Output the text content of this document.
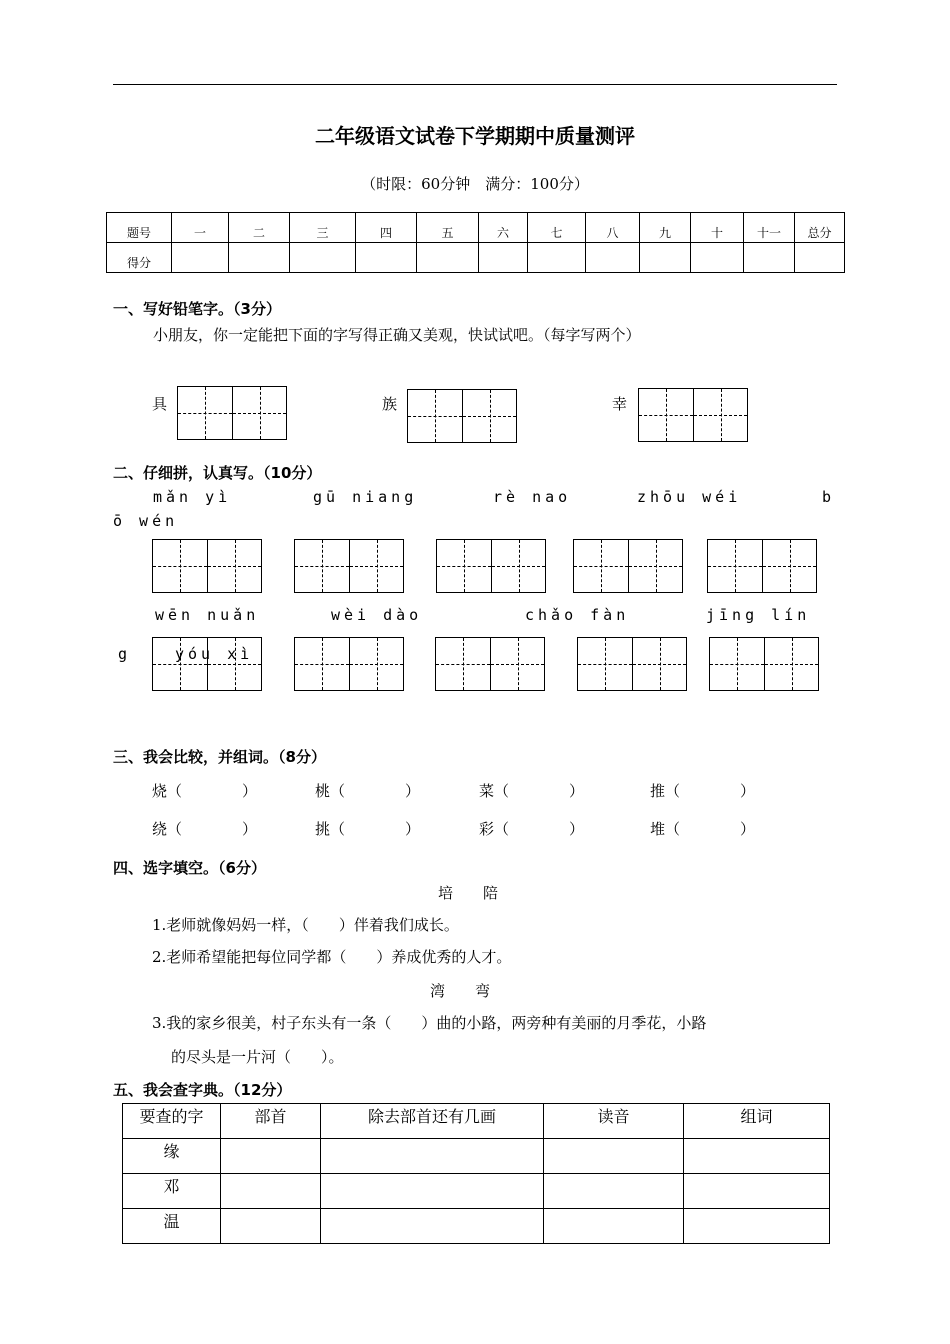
二年级语文试卷下学期期中质量测评
（时限：60分钟　满分：100分）
题号	一	二	三	四	五	六	七	八	九	十	十一	总分
得分												
一、写好铅笔字。（3分）
小朋友，你一定能把下面的字写得正确又美观，快试试吧。（每字写两个）
具	族	幸
二、仔细拼，认真写。（10分）
mǎn yì	gū niang	rè nao	zhōu wéi	b
ō wén
wēn nuǎn	wèi dào	chǎo fàn	jīng lín
g	yóu xì
三、我会比较，并组词。（8分）
烧（　　　　）	桃（　　　　）	菜（　　　　）	推（　　　　）
绕（　　　　）	挑（　　　　）	彩（　　　　）	堆（　　　　）
四、选字填空。（6分）
培　　陪
1.老师就像妈妈一样，（　　）伴着我们成长。
2.老师希望能把每位同学都（　　）养成优秀的人才。
湾　　弯
3.我的家乡很美，村子东头有一条（　　）曲的小路，两旁种有美丽的月季花，小路
的尽头是一片河（　　）。
五、我会查字典。（12分）
要查的字	部首	除去部首还有几画	读音	组词
缘				
邓				
温				
